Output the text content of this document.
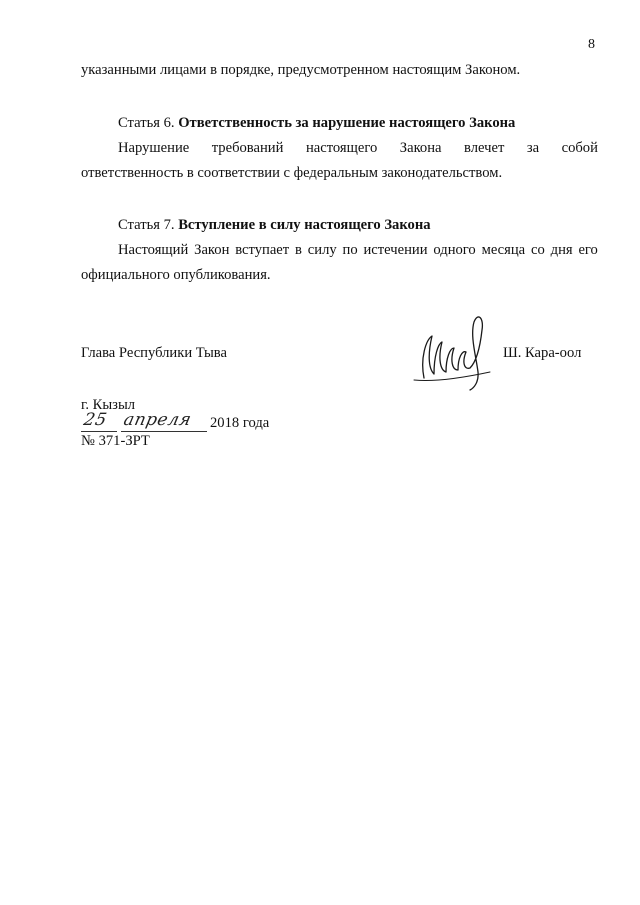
8
указанными лицами в порядке, предусмотренном настоящим Законом.
Статья 6. Ответственность за нарушение настоящего Закона
Нарушение требований настоящего Закона влечет за собой
ответственность в соответствии с федеральным законодательством.
Статья 7. Вступление в силу настоящего Закона
Настоящий Закон вступает в силу по истечении одного месяца со дня его
официального опубликования.
Глава Республики Тыва	Ш. Кара-оол
г. Кызыл
25 апреля 2018 года
№ 371-ЗРТ
